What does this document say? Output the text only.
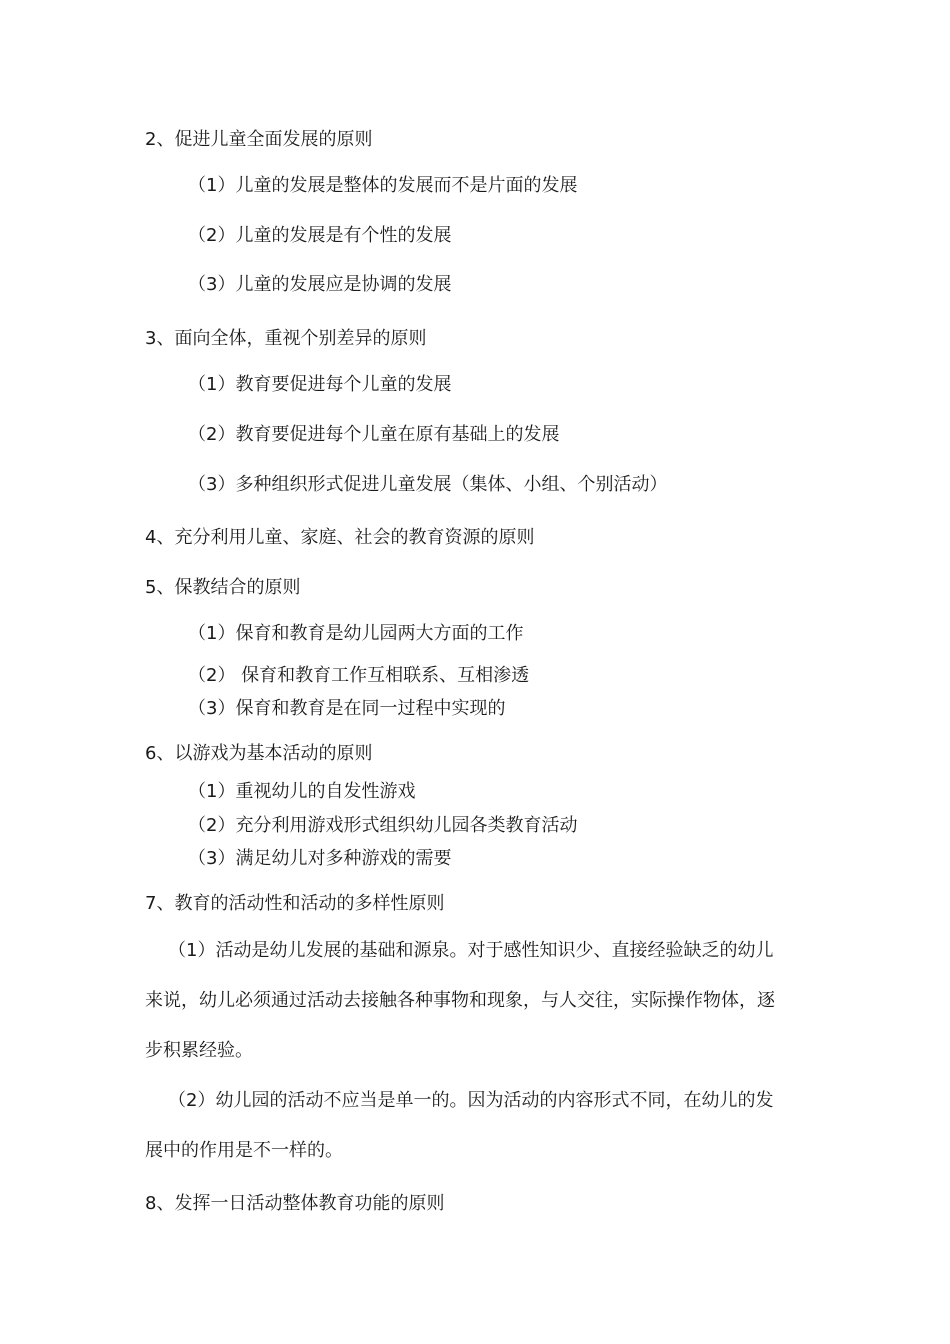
2、促进儿童全面发展的原则
（1）儿童的发展是整体的发展而不是片面的发展
（2）儿童的发展是有个性的发展
（3）儿童的发展应是协调的发展
3、面向全体，重视个别差异的原则
（1）教育要促进每个儿童的发展
（2）教育要促进每个儿童在原有基础上的发展
（3）多种组织形式促进儿童发展（集体、小组、个别活动）
4、充分利用儿童、家庭、社会的教育资源的原则
5、保教结合的原则
（1）保育和教育是幼儿园两大方面的工作
（2） 保育和教育工作互相联系、互相渗透
（3）保育和教育是在同一过程中实现的
6、以游戏为基本活动的原则
（1）重视幼儿的自发性游戏
（2）充分利用游戏形式组织幼儿园各类教育活动
（3）满足幼儿对多种游戏的需要
7、教育的活动性和活动的多样性原则
（1）活动是幼儿发展的基础和源泉。对于感性知识少、直接经验缺乏的幼儿
来说，幼儿必须通过活动去接触各种事物和现象，与人交往，实际操作物体，逐
步积累经验。
（2）幼儿园的活动不应当是单一的。因为活动的内容形式不同，在幼儿的发
展中的作用是不一样的。
8、发挥一日活动整体教育功能的原则
